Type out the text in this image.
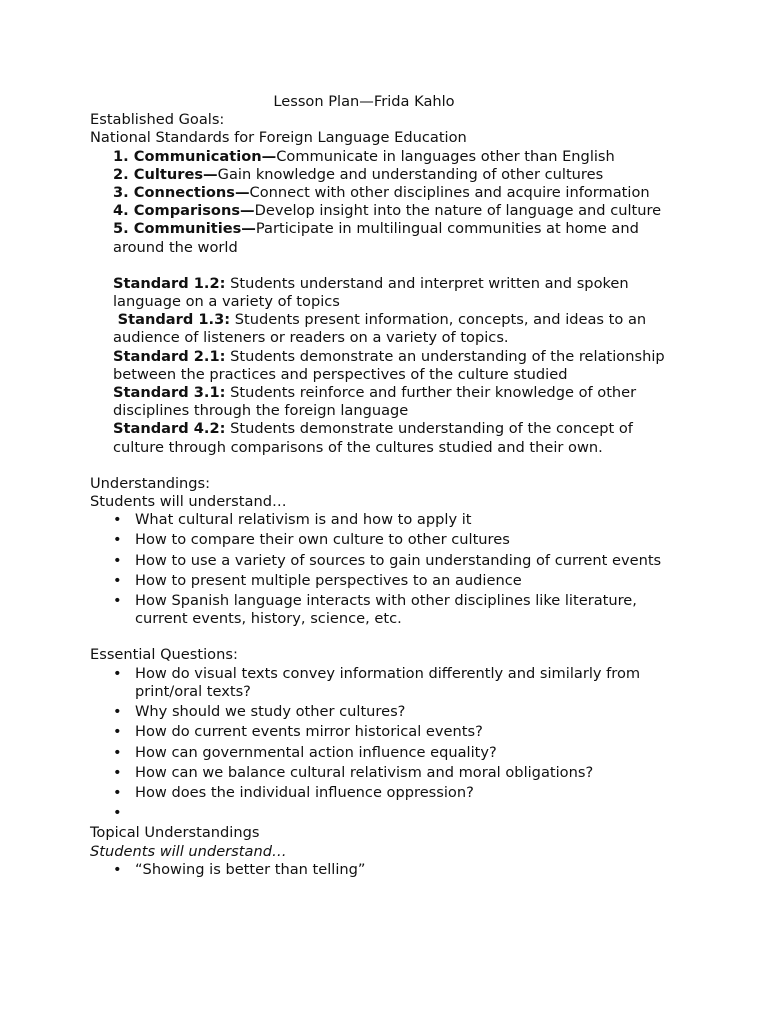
Lesson Plan—Frida Kahlo
Established Goals:
National Standards for Foreign Language Education
1. Communication—Communicate in languages other than English
2. Cultures—Gain knowledge and understanding of other cultures
3. Connections—Connect with other disciplines and acquire information
4. Comparisons—Develop insight into the nature of language and culture
5. Communities—Participate in multilingual communities at home and around the world
Standard 1.2: Students understand and interpret written and spoken language on a variety of topics
Standard 1.3: Students present information, concepts, and ideas to an audience of listeners or readers on a variety of topics.
Standard 2.1: Students demonstrate an understanding of the relationship between the practices and perspectives of the culture studied
Standard 3.1: Students reinforce and further their knowledge of other disciplines through the foreign language
Standard 4.2: Students demonstrate understanding of the concept of culture through comparisons of the cultures studied and their own.
Understandings:
Students will understand…
• What cultural relativism is and how to apply it
• How to compare their own culture to other cultures
• How to use a variety of sources to gain understanding of current events
• How to present multiple perspectives to an audience
• How Spanish language interacts with other disciplines like literature, current events, history, science, etc.
Essential Questions:
• How do visual texts convey information differently and similarly from print/oral texts?
• Why should we study other cultures?
• How do current events mirror historical events?
• How can governmental action influence equality?
• How can we balance cultural relativism and moral obligations?
• How does the individual influence oppression?
•

Topical Understandings
Students will understand…
• “Showing is better than telling”
